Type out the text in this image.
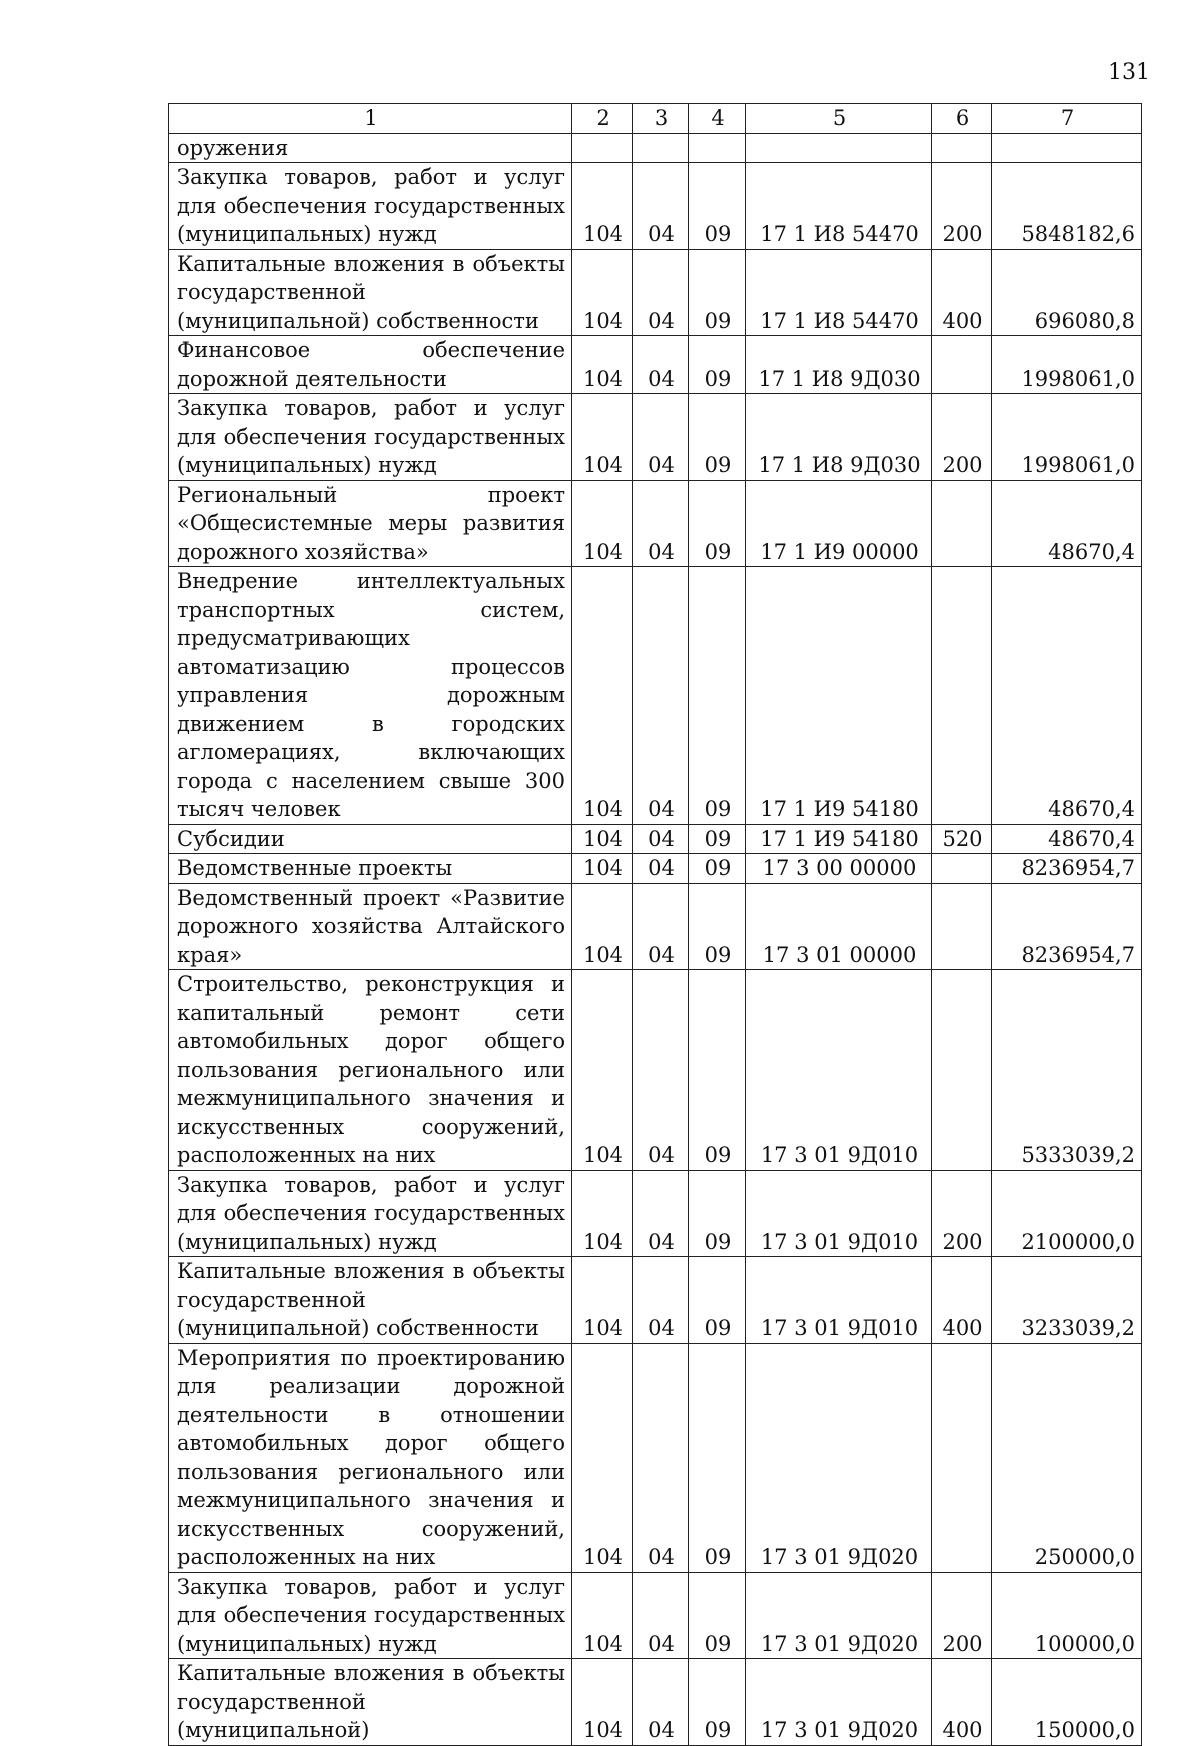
131
1	2	3	4	5	6	7
оружения						
Закупка товаров, работ и услуг для обеспечения государственных (муниципальных) нужд	104	04	09	17 1 И8 54470	200	5848182,6
Капитальные вложения в объекты государственной (муниципальной) собственности	104	04	09	17 1 И8 54470	400	696080,8
Финансовое обеспечение дорожной деятельности	104	04	09	17 1 И8 9Д030		1998061,0
Закупка товаров, работ и услуг для обеспечения государственных (муниципальных) нужд	104	04	09	17 1 И8 9Д030	200	1998061,0
Региональный проект «Общесистемные меры развития дорожного хозяйства»	104	04	09	17 1 И9 00000		48670,4
Внедрение интеллектуальных транспортных систем, предусматривающих автоматизацию процессов управления дорожным движением в городских агломерациях, включающих города с населением свыше 300 тысяч человек	104	04	09	17 1 И9 54180		48670,4
Субсидии	104	04	09	17 1 И9 54180	520	48670,4
Ведомственные проекты	104	04	09	17 3 00 00000		8236954,7
Ведомственный проект «Развитие дорожного хозяйства Алтайского края»	104	04	09	17 3 01 00000		8236954,7
Строительство, реконструкция и капитальный ремонт сети автомобильных дорог общего пользования регионального или межмуниципального значения и искусственных сооружений, расположенных на них	104	04	09	17 3 01 9Д010		5333039,2
Закупка товаров, работ и услуг для обеспечения государственных (муниципальных) нужд	104	04	09	17 3 01 9Д010	200	2100000,0
Капитальные вложения в объекты государственной (муниципальной) собственности	104	04	09	17 3 01 9Д010	400	3233039,2
Мероприятия по проектированию для реализации дорожной деятельности в отношении автомобильных дорог общего пользования регионального или межмуниципального значения и искусственных сооружений, расположенных на них	104	04	09	17 3 01 9Д020		250000,0
Закупка товаров, работ и услуг для обеспечения государственных (муниципальных) нужд	104	04	09	17 3 01 9Д020	200	100000,0
Капитальные вложения в объекты государственной (муниципальной)	104	04	09	17 3 01 9Д020	400	150000,0
